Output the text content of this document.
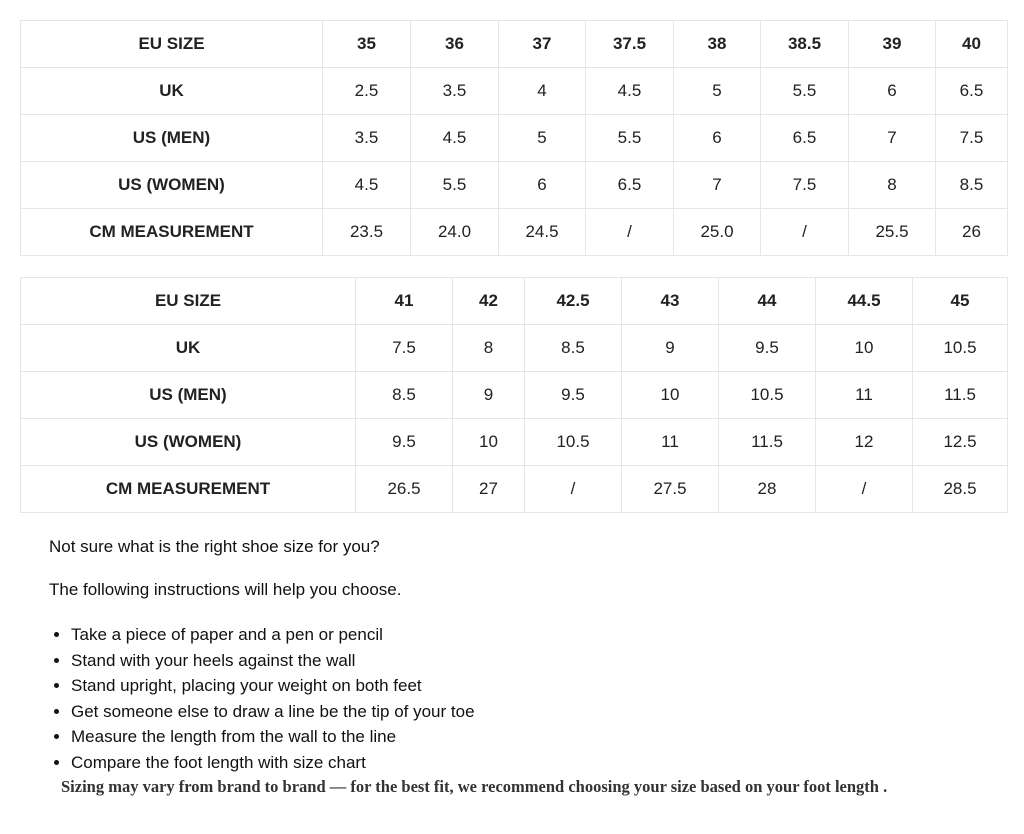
EU SIZE	35	36	37	37.5	38	38.5	39	40
UK	2.5	3.5	4	4.5	5	5.5	6	6.5
US (MEN)	3.5	4.5	5	5.5	6	6.5	7	7.5
US (WOMEN)	4.5	5.5	6	6.5	7	7.5	8	8.5
CM MEASUREMENT	23.5	24.0	24.5	/	25.0	/	25.5	26
EU SIZE	41	42	42.5	43	44	44.5	45
UK	7.5	8	8.5	9	9.5	10	10.5
US (MEN)	8.5	9	9.5	10	10.5	11	11.5
US (WOMEN)	9.5	10	10.5	11	11.5	12	12.5
CM MEASUREMENT	26.5	27	/	27.5	28	/	28.5

Not sure what is the right shoe size for you?

The following instructions will help you choose.

• Take a piece of paper and a pen or pencil
• Stand with your heels against the wall
• Stand upright, placing your weight on both feet
• Get someone else to draw a line be the tip of your toe
• Measure the length from the wall to the line
• Compare the foot length with size chart

Sizing may vary from brand to brand — for the best fit, we recommend choosing your size based on your foot length .
